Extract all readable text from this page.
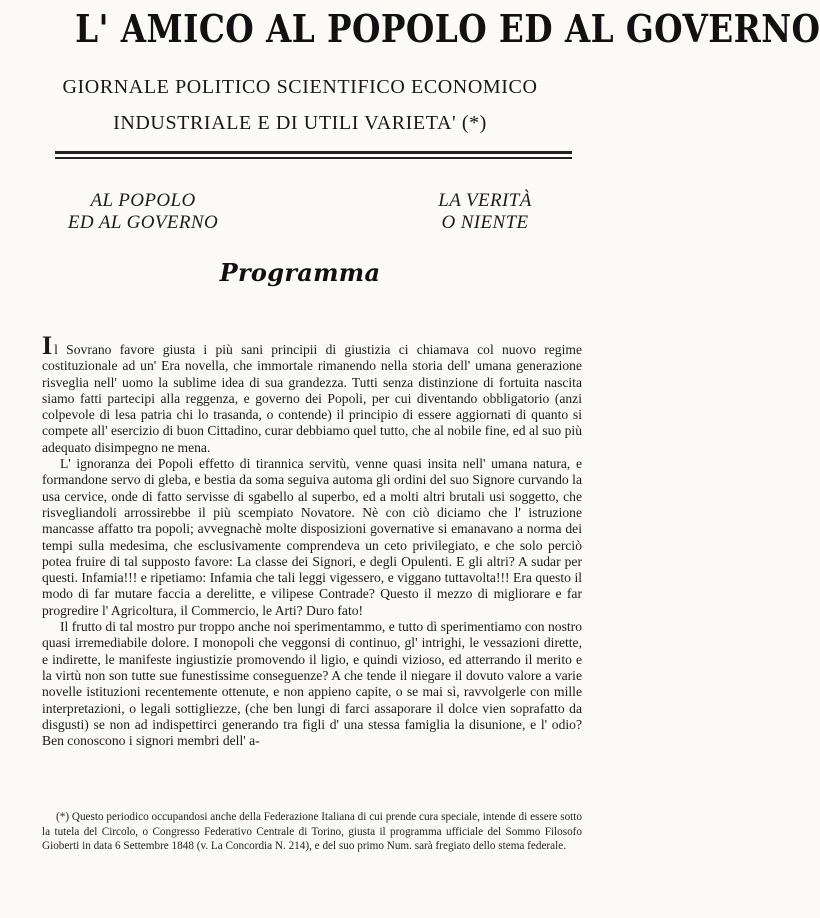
L' AMICO AL POPOLO ED AL GOVERNO
GIORNALE POLITICO SCIENTIFICO ECONOMICO
INDUSTRIALE E DI UTILI VARIETA' (*)
AL POPOLO
ED AL GOVERNO
LA VERITÀ
O NIENTE
Programma

Il Sovrano favore giusta i più sani principii di giustizia ci chiamava col nuovo regime costituzionale ad un' Era novella, che immortale rimanendo nella storia dell' umana generazione risveglia nell' uomo la sublime idea di sua grandezza. Tutti senza distinzione di fortuita nascita siamo fatti partecipi alla reggenza, e governo dei Popoli, per cui diventando obbligatorio (anzi colpevole di lesa patria chi lo trasanda, o contende) il principio di essere aggiornati di quanto si compete all' esercizio di buon Cittadino, curar debbiamo quel tutto, che al nobile fine, ed al suo più adequato disimpegno ne mena.

L' ignoranza dei Popoli effetto di tirannica servitù, venne quasi insita nell' umana natura, e formandone servo di gleba, e bestia da soma seguiva automa gli ordini del suo Signore curvando la usa cervice, onde di fatto servisse di sgabello al superbo, ed a molti altri brutali usi soggetto, che risvegliandoli arrossirebbe il più scempiato Novatore. Nè con ciò diciamo che l' istruzione mancasse affatto tra popoli; avvegnachè molte disposizioni governative si emanavano a norma dei tempi sulla medesima, che esclusivamente comprendeva un ceto privilegiato, e che solo perciò potea fruire di tal supposto favore: La classe dei Signori, e degli Opulenti. E gli altri? A sudar per questi. Infamia!!! e ripetiamo: Infamia che tali leggi vigessero, e viggano tuttavolta!!! Era questo il modo di far mutare faccia a derelitte, e vilipese Contrade? Questo il mezzo di migliorare e far progredire l' Agricoltura, il Commercio, le Arti? Duro fato!

Il frutto di tal mostro pur troppo anche noi sperimentammo, e tutto dì sperimentiamo con nostro quasi irremediabile dolore. I monopoli che veggonsi di continuo, gl' intrighi, le vessazioni dirette, e indirette, le manifeste ingiustizie promovendo il ligio, e quindi vizioso, ed atterrando il merito e la virtù non son tutte sue funestissime conseguenze? A che tende il niegare il dovuto valore a varie novelle istituzioni recentemente ottenute, e non appieno capite, o se mai sì, ravvolgerle con mille interpretazioni, o legali sottigliezze, (che ben lungi di farci assaporare il dolce vien soprafatto da disgusti) se non ad indispettirci generando tra figli d' una stessa famiglia la disunione, e l' odio? Ben conoscono i signori membri dell' a-

(*) Questo periodico occupandosi anche della Federazione Italiana di cui prende cura speciale, intende di essere sotto la tutela del Circolo, o Congresso Federativo Centrale di Torino, giusta il programma ufficiale del Sommo Filosofo Gioberti in data 6 Settembre 1848 (v. La Concordia N. 214), e del suo primo Num. sarà fregiato dello stema federale.
